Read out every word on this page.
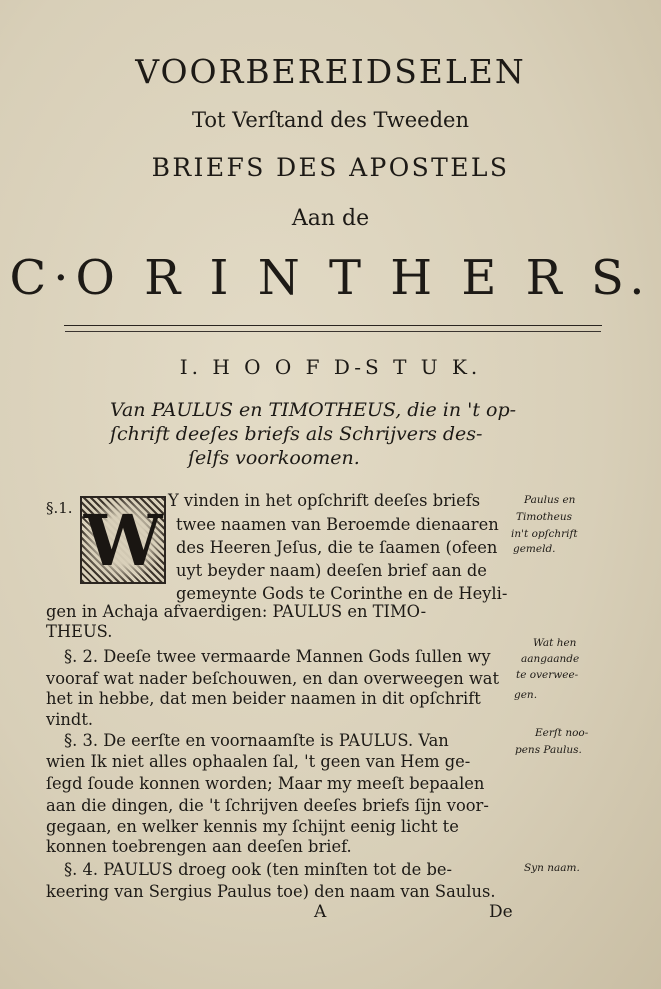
VOORBEREIDSELEN
Tot Verſtand des Tweeden
BRIEFS DES APOSTELS
Aan de
C·O R I N T H E R S.
I. H O O F D-S T U K.
Van PAULUS en TIMOTHEUS, die in 't op-
ſchrift deeſes briefs als Schrijvers des-
ſelfs voorkoomen.
§.1. W Y vinden in het opſchrift deeſes briefs
twee naamen van Beroemde dienaaren
des Heeren Jeſus, die te ſaamen (ofeen
uyt beyder naam) deeſen brief aan de
gemeynte Gods te Corinthe en de Heyli-
gen in Achaja afvaerdigen: PAULUS en TIMO-
THEUS.
§. 2. Deeſe twee vermaarde Mannen Gods ſullen wy
vooraf wat nader beſchouwen, en dan overweegen wat
het in hebbe, dat men beider naamen in dit opſchrift
vindt.
§. 3. De eerſte en voornaamſte is PAULUS. Van
wien Ik niet alles ophaalen ſal, 't geen van Hem ge-
ſegd ſoude konnen worden; Maar my meeſt bepaalen
aan die dingen, die 't ſchrijven deeſes briefs ſijn voor-
gegaan, en welker kennis my ſchijnt eenig licht te
konnen toebrengen aan deeſen brief.
§. 4. PAULUS droeg ook (ten minſten tot de be-
keering van Sergius Paulus toe) den naam van Saulus.
Paulus en
Timotheus
in't opſchrift
gemeld.
Wat hen
aangaande
te overwee-
gen.
Eerſt noo-
pens Paulus.
Syn naam.
A	De
